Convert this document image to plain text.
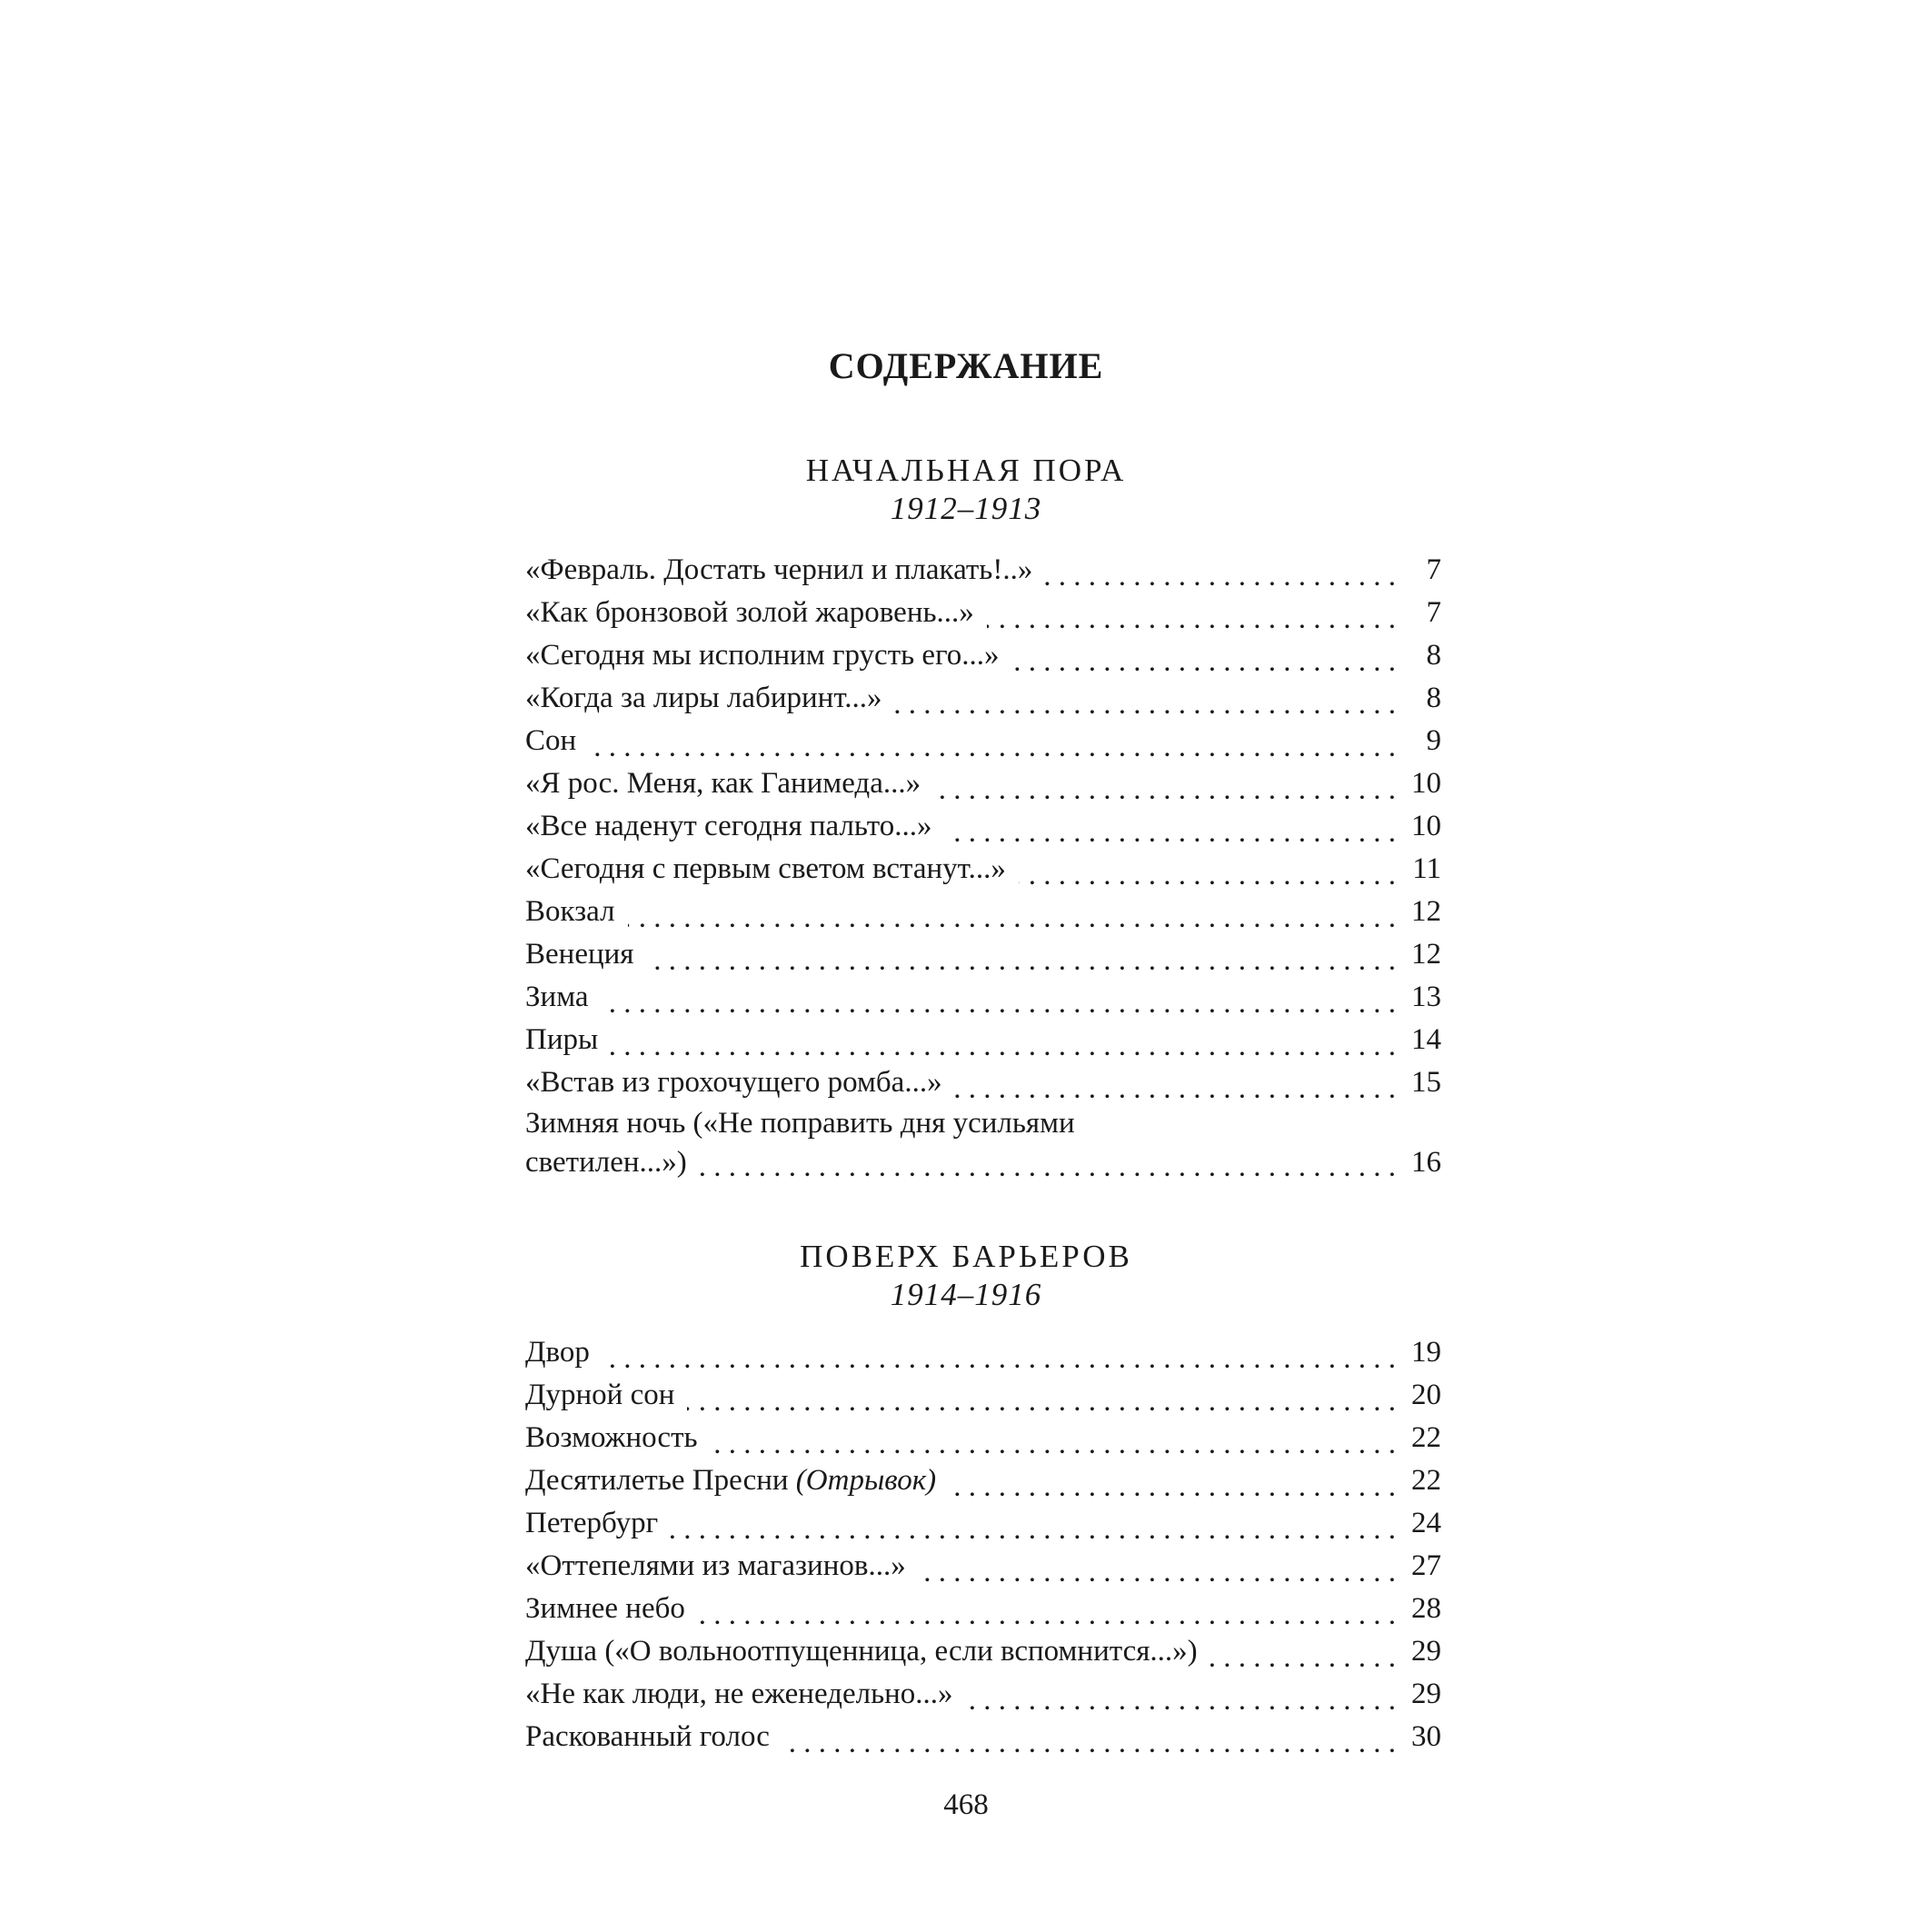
СОДЕРЖАНИЕ
НАЧАЛЬНАЯ ПОРА
1912–1913
«Февраль. Достать чернил и плакать!..» . . .	7
«Как бронзовой золой жаровень...» . . .	7
«Сегодня мы исполним грусть его...» . . .	8
«Когда за лиры лабиринт...» . . .	8
Сон . . .	9
«Я рос. Меня, как Ганимеда...» . . .	10
«Все наденут сегодня пальто...» . . .	10
«Сегодня с первым светом встанут...» . . .	11
Вокзал . . .	12
Венеция . . .	12
Зима . . .	13
Пиры . . .	14
«Встав из грохочущего ромба...» . . .	15
Зимняя ночь («Не поправить дня усильями
светилен...») . . .	16
ПОВЕРХ БАРЬЕРОВ
1914–1916
Двор . . .	19
Дурной сон . . .	20
Возможность . . .	22
Десятилетье Пресни (Отрывок) . . .	22
Петербург . . .	24
«Оттепелями из магазинов...» . . .	27
Зимнее небо . . .	28
Душа («О вольноотпущенница, если вспомнится...») . . .	29
«Не как люди, не еженедельно...» . . .	29
Раскованный голос . . .	30
468
